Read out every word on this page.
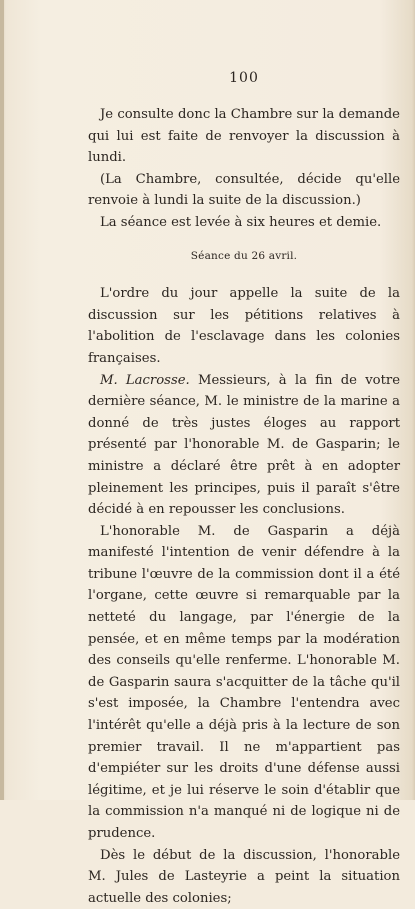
100

Je consulte donc la Chambre sur la demande qui lui est faite de renvoyer la discussion à lundi.

(La Chambre, consultée, décide qu'elle renvoie à lundi la suite de la discussion.)

La séance est levée à six heures et demie.

Séance du 26 avril.

L'ordre du jour appelle la suite de la discussion sur les pétitions relatives à l'abolition de l'esclavage dans les colonies françaises.

M. Lacrosse. Messieurs, à la fin de votre dernière séance, M. le ministre de la marine a donné de très justes éloges au rapport présenté par l'honorable M. de Gasparin; le ministre a déclaré être prêt à en adopter pleinement les principes, puis il paraît s'être décidé à en repousser les conclusions.

L'honorable M. de Gasparin a déjà manifesté l'intention de venir défendre à la tribune l'œuvre de la commission dont il a été l'organe, cette œuvre si remarquable par la netteté du langage, par l'énergie de la pensée, et en même temps par la modération des conseils qu'elle renferme. L'honorable M. de Gasparin saura s'acquitter de la tâche qu'il s'est imposée, la Chambre l'entendra avec l'intérêt qu'elle a déjà pris à la lecture de son premier travail. Il ne m'appartient pas d'empiéter sur les droits d'une défense aussi légitime, et je lui réserve le soin d'établir que la commission n'a manqué ni de logique ni de prudence.

Dès le début de la discussion, l'honorable M. Jules de Lasteyrie a peint la situation actuelle des colonies;
